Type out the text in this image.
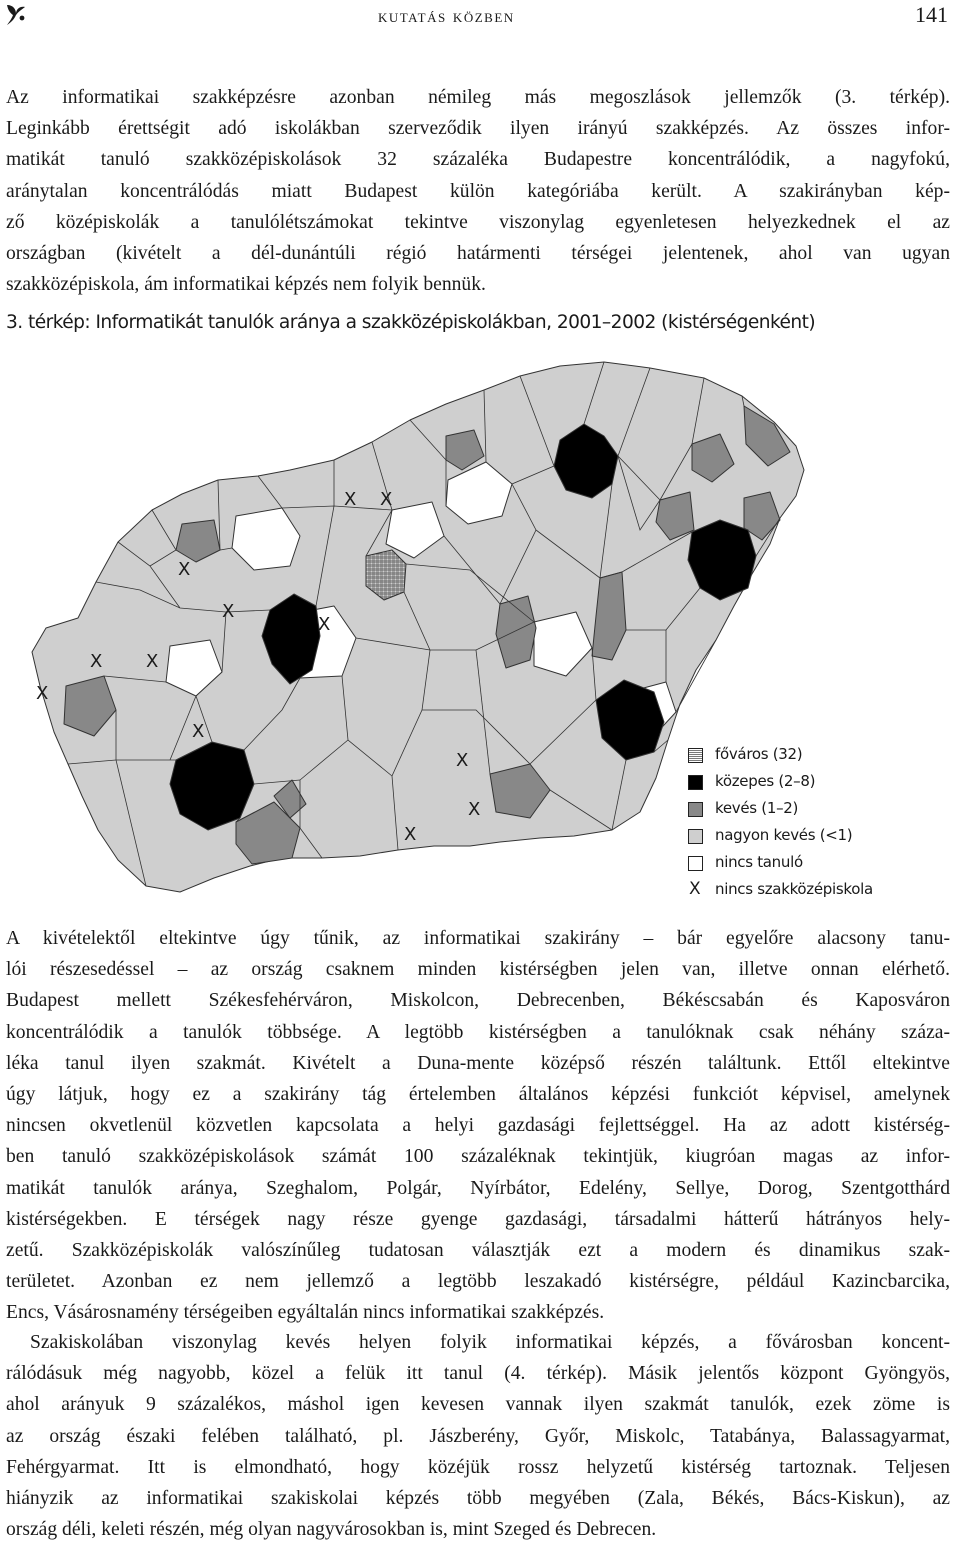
kutatás közben	141
Az informatikai szakképzésre azonban némileg más megoszlások jellemzők (3. térkép).
Leginkább érettségit adó iskolákban szerveződik ilyen irányú szakképzés. Az összes infor-
matikát tanuló szakközépiskolások 32 százaléka Budapestre koncentrálódik, a nagyfokú,
aránytalan koncentrálódás miatt Budapest külön kategóriába került. A szakirányban kép-
ző középiskolák a tanulólétszámokat tekintve viszonylag egyenletesen helyezkednek el az
országban (kivételt a dél-dunántúli régió határmenti térségei jelentenek, ahol van ugyan
szakközépiskola, ám informatikai képzés nem folyik bennük.
3. térkép: Informatikát tanulók aránya a szakközépiskolákban, 2001–2002 (kistérségenként)
X X
X
X
X
X X
X
X
X
X
X
főváros (32)
közepes (2–8)
kevés (1–2)
nagyon kevés (<1)
nincs tanuló
X nincs szakközépiskola
A kivételektől eltekintve úgy tűnik, az informatikai szakirány – bár egyelőre alacsony tanu-
lói részesedéssel – az ország csaknem minden kistérségben jelen van, illetve onnan elérhető.
Budapest mellett Székesfehérváron, Miskolcon, Debrecenben, Békéscsabán és Kaposváron
koncentrálódik a tanulók többsége. A legtöbb kistérségben a tanulóknak csak néhány száza-
léka tanul ilyen szakmát. Kivételt a Duna-mente középső részén találtunk. Ettől eltekintve
úgy látjuk, hogy ez a szakirány tág értelemben általános képzési funkciót képvisel, amelynek
nincsen okvetlenül közvetlen kapcsolata a helyi gazdasági fejlettséggel. Ha az adott kistérség-
ben tanuló szakközépiskolások számát 100 százaléknak tekintjük, kiugróan magas az infor-
matikát tanulók aránya, Szeghalom, Polgár, Nyírbátor, Edelény, Sellye, Dorog, Szentgotthárd
kistérségekben. E térségek nagy része gyenge gazdasági, társadalmi hátterű hátrányos hely-
zetű. Szakközépiskolák valószínűleg tudatosan választják ezt a modern és dinamikus szak-
területet. Azonban ez nem jellemző a legtöbb leszakadó kistérségre, például Kazincbarcika,
Encs, Vásárosnamény térségeiben egyáltalán nincs informatikai szakképzés.
Szakiskolában viszonylag kevés helyen folyik informatikai képzés, a fővárosban koncent-
rálódásuk még nagyobb, közel a felük itt tanul (4. térkép). Másik jelentős központ Gyöngyös,
ahol arányuk 9 százalékos, máshol igen kevesen vannak ilyen szakmát tanulók, ezek zöme is
az ország északi felében található, pl. Jászberény, Győr, Miskolc, Tatabánya, Balassagyarmat,
Fehérgyarmat. Itt is elmondható, hogy közéjük rossz helyzetű kistérség tartoznak. Teljesen
hiányzik az informatikai szakiskolai képzés több megyében (Zala, Békés, Bács-Kiskun), az
ország déli, keleti részén, még olyan nagyvárosokban is, mint Szeged és Debrecen.
